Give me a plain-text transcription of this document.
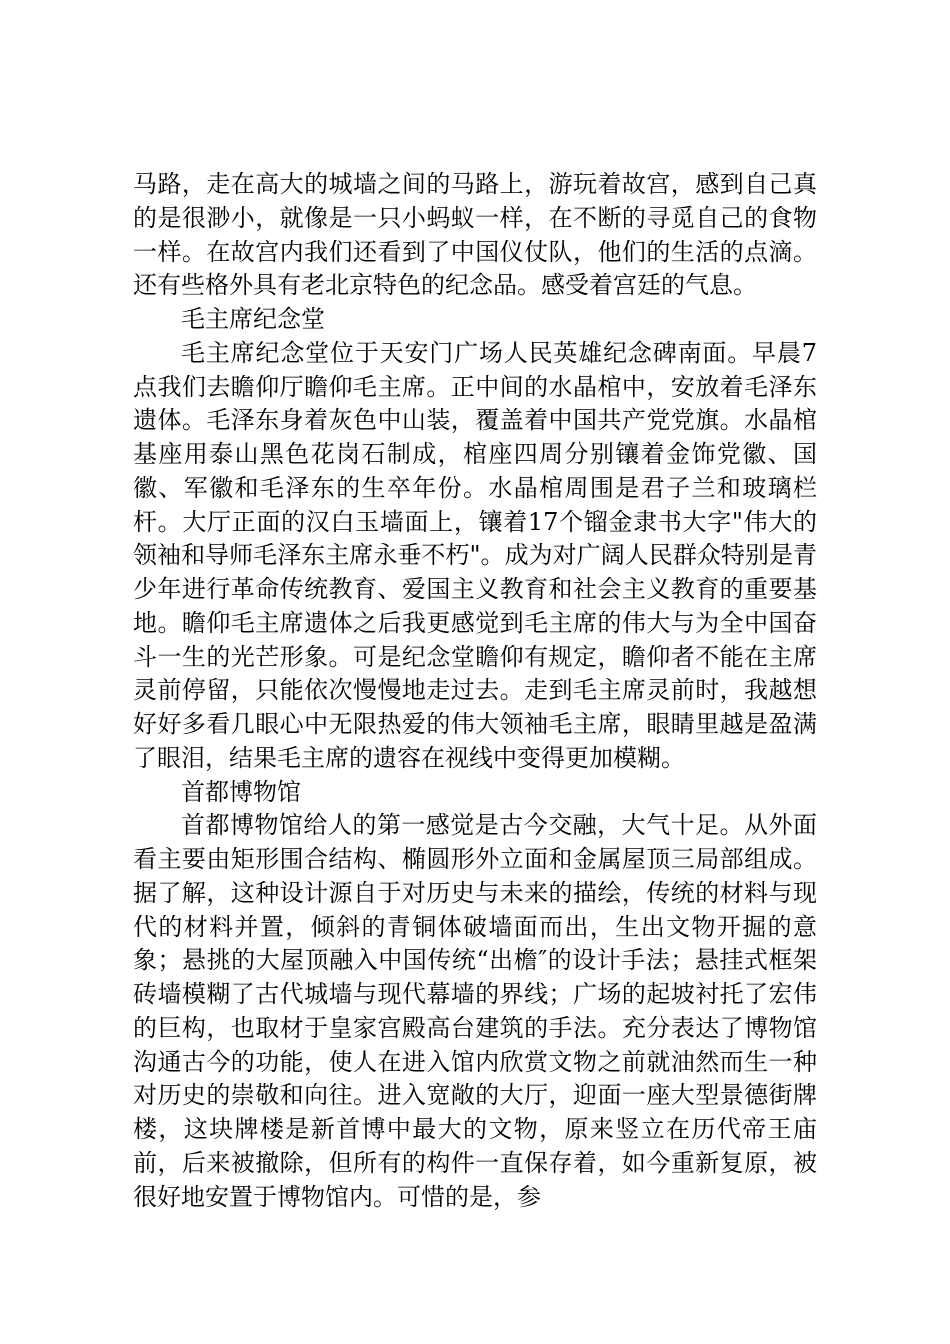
马路，走在高大的城墙之间的马路上，游玩着故宫，感到自己真的是很渺小，就像是一只小蚂蚁一样，在不断的寻觅自己的食物一样。在故宫内我们还看到了中国仪仗队，他们的生活的点滴。还有些格外具有老北京特色的纪念品。感受着宫廷的气息。

毛主席纪念堂

毛主席纪念堂位于天安门广场人民英雄纪念碑南面。早晨7点我们去瞻仰厅瞻仰毛主席。正中间的水晶棺中，安放着毛泽东遗体。毛泽东身着灰色中山装，覆盖着中国共产党党旗。水晶棺基座用泰山黑色花岗石制成，棺座四周分别镶着金饰党徽、国徽、军徽和毛泽东的生卒年份。水晶棺周围是君子兰和玻璃栏杆。大厅正面的汉白玉墙面上，镶着17个镏金隶书大字"伟大的领袖和导师毛泽东主席永垂不朽"。成为对广阔人民群众特别是青少年进行革命传统教育、爱国主义教育和社会主义教育的重要基地。瞻仰毛主席遗体之后我更感觉到毛主席的伟大与为全中国奋斗一生的光芒形象。可是纪念堂瞻仰有规定，瞻仰者不能在主席灵前停留，只能依次慢慢地走过去。走到毛主席灵前时，我越想好好多看几眼心中无限热爱的伟大领袖毛主席，眼睛里越是盈满了眼泪，结果毛主席的遗容在视线中变得更加模糊。

首都博物馆

首都博物馆给人的第一感觉是古今交融，大气十足。从外面看主要由矩形围合结构、椭圆形外立面和金属屋顶三局部组成。据了解，这种设计源自于对历史与未来的描绘，传统的材料与现代的材料并置，倾斜的青铜体破墙面而出，生出文物开掘的意象；悬挑的大屋顶融入中国传统“出檐″的设计手法；悬挂式框架砖墙模糊了古代城墙与现代幕墙的界线；广场的起坡衬托了宏伟的巨构，也取材于皇家宫殿高台建筑的手法。充分表达了博物馆沟通古今的功能，使人在进入馆内欣赏文物之前就油然而生一种对历史的崇敬和向往。进入宽敞的大厅，迎面一座大型景德街牌楼，这块牌楼是新首博中最大的文物，原来竖立在历代帝王庙前，后来被撤除，但所有的构件一直保存着，如今重新复原，被很好地安置于博物馆内。可惜的是，参
